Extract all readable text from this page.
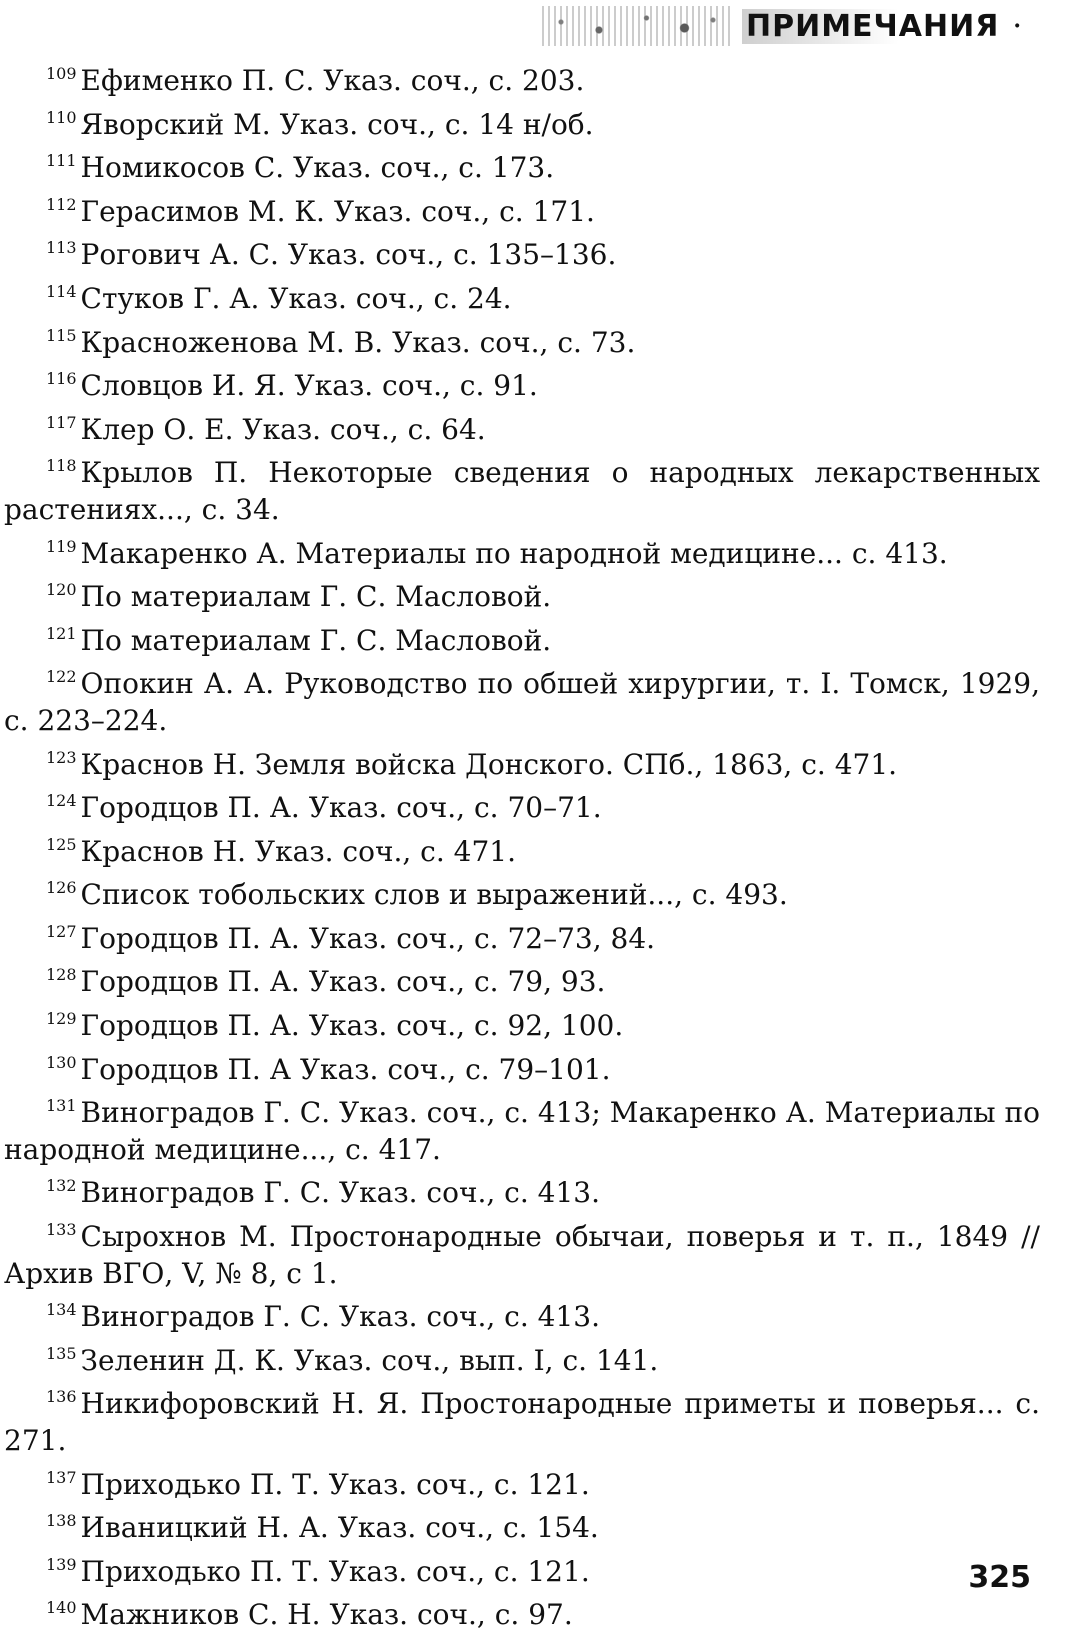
ПРИМЕЧАНИЯ ·
$^{109}$ Ефименко П. С. Указ. соч., с. 203.
$^{110}$ Яворский М. Указ. соч., с. 14 н/об.
$^{111}$ Номикосов С. Указ. соч., с. 173.
$^{112}$ Герасимов М. К. Указ. соч., с. 171.
$^{113}$ Рогович А. С. Указ. соч., с. 135–136.
$^{114}$ Стуков Г. А. Указ. соч., с. 24.
$^{115}$ Красноженова М. В. Указ. соч., с. 73.
$^{116}$ Словцов И. Я. Указ. соч., с. 91.
$^{117}$ Клер О. Е. Указ. соч., с. 64.
$^{118}$ Крылов П. Некоторые сведения о народных лекарственных растениях..., с. 34.
$^{119}$ Макаренко А. Материалы по народной медицине... с. 413.
$^{120}$ По материалам Г. С. Масловой.
$^{121}$ По материалам Г. С. Масловой.
$^{122}$ Опокин А. А. Руководство по обшей хирургии, т. I. Томск, 1929, с. 223–224.
$^{123}$ Краснов Н. Земля войска Донского. СПб., 1863, с. 471.
$^{124}$ Городцов П. А. Указ. соч., с. 70–71.
$^{125}$ Краснов Н. Указ. соч., с. 471.
$^{126}$ Список тобольских слов и выражений..., с. 493.
$^{127}$ Городцов П. А. Указ. соч., с. 72–73, 84.
$^{128}$ Городцов П. А. Указ. соч., с. 79, 93.
$^{129}$ Городцов П. А. Указ. соч., с. 92, 100.
$^{130}$ Городцов П. А Указ. соч., с. 79–101.
$^{131}$ Виноградов Г. С. Указ. соч., с. 413; Макаренко А. Материалы по народной медицине..., с. 417.
$^{132}$ Виноградов Г. С. Указ. соч., с. 413.
$^{133}$ Сырохнов М. Простонародные обычаи, поверья и т. п., 1849 // Архив ВГО, V, № 8, с 1.
$^{134}$ Виноградов Г. С. Указ. соч., с. 413.
$^{135}$ Зеленин Д. К. Указ. соч., вып. I, с. 141.
$^{136}$ Никифоровский Н. Я. Простонародные приметы и поверья... с. 271.
$^{137}$ Приходько П. Т. Указ. соч., с. 121.
$^{138}$ Иваницкий Н. А. Указ. соч., с. 154.
$^{139}$ Приходько П. Т. Указ. соч., с. 121.
$^{140}$ Мажников С. Н. Указ. соч., с. 97.
325
